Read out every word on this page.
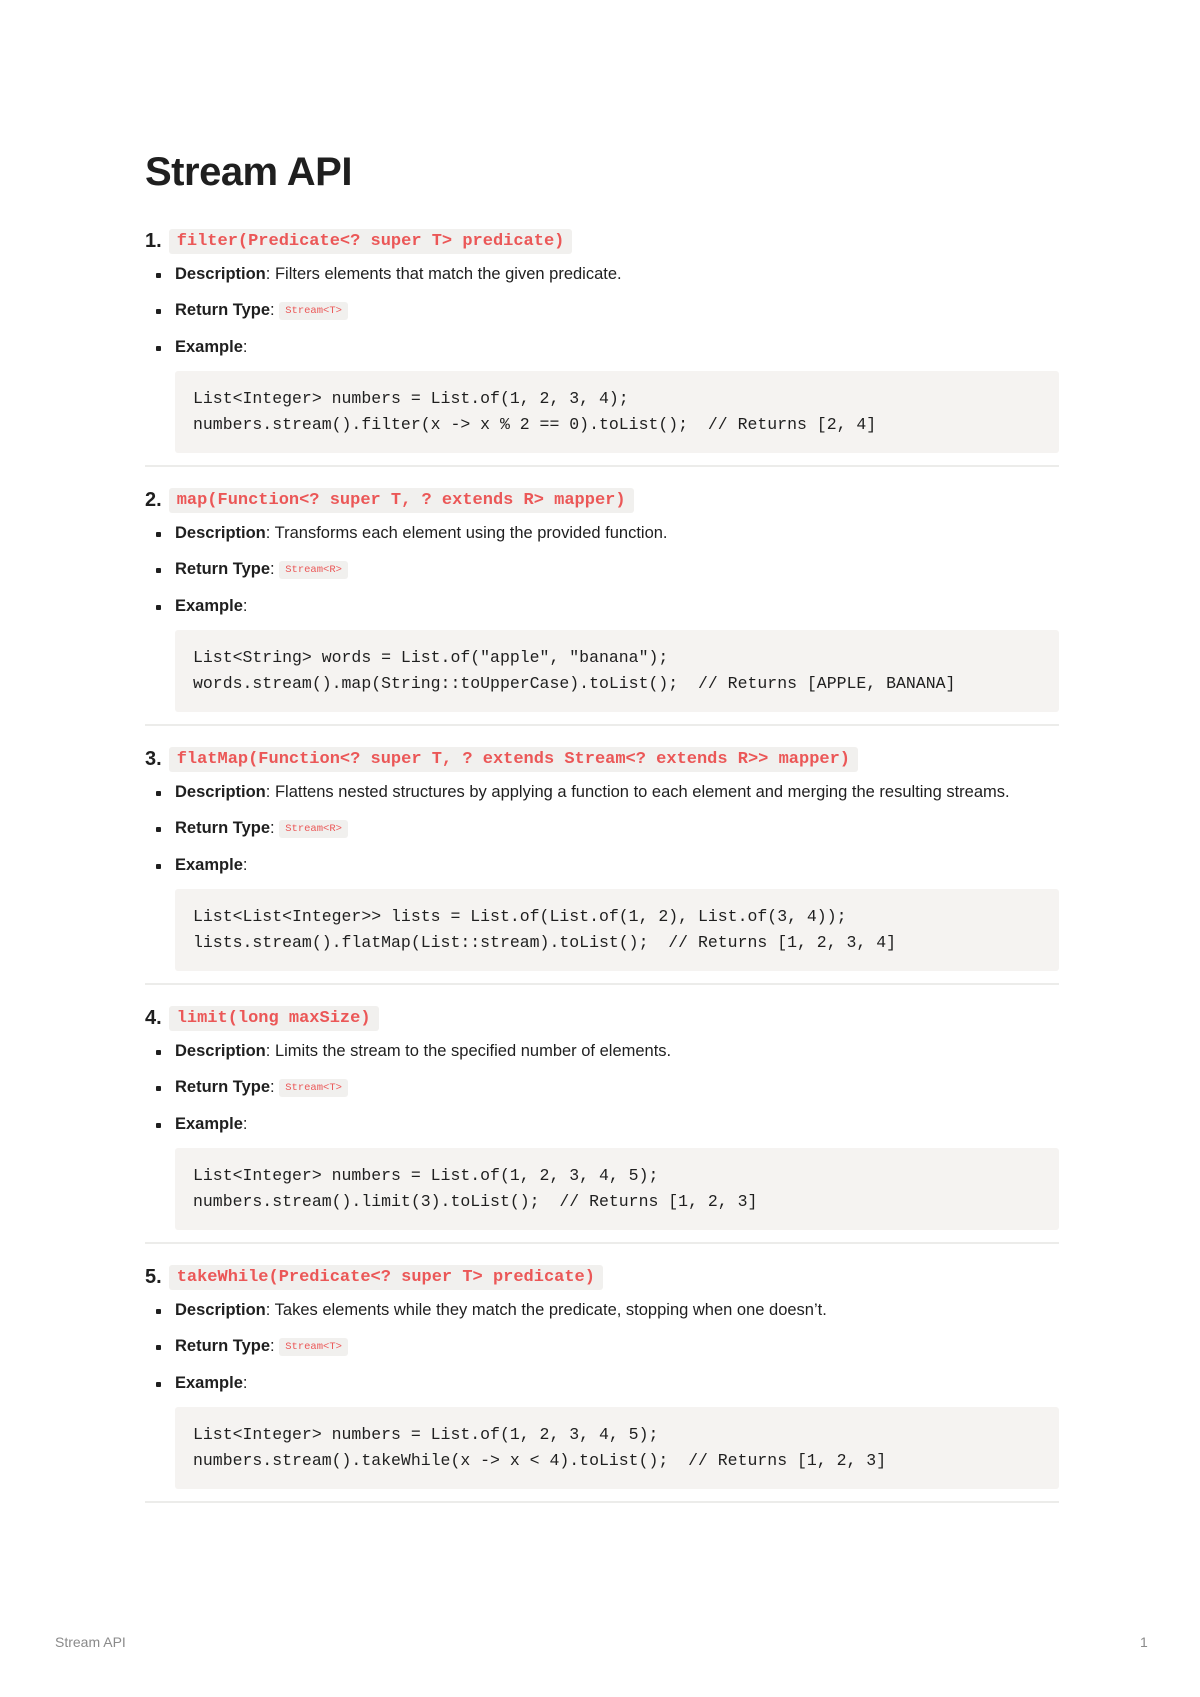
Stream API
1. filter(Predicate<? super T> predicate)
Description: Filters elements that match the given predicate.
Return Type: Stream<T>
Example:
List<Integer> numbers = List.of(1, 2, 3, 4);
numbers.stream().filter(x -> x % 2 == 0).toList();  // Returns [2, 4]
2. map(Function<? super T, ? extends R> mapper)
Description: Transforms each element using the provided function.
Return Type: Stream<R>
Example:
List<String> words = List.of("apple", "banana");
words.stream().map(String::toUpperCase).toList();  // Returns [APPLE, BANANA]
3. flatMap(Function<? super T, ? extends Stream<? extends R>> mapper)
Description: Flattens nested structures by applying a function to each element and merging the resulting streams.
Return Type: Stream<R>
Example:
List<List<Integer>> lists = List.of(List.of(1, 2), List.of(3, 4));
lists.stream().flatMap(List::stream).toList();  // Returns [1, 2, 3, 4]
4. limit(long maxSize)
Description: Limits the stream to the specified number of elements.
Return Type: Stream<T>
Example:
List<Integer> numbers = List.of(1, 2, 3, 4, 5);
numbers.stream().limit(3).toList();  // Returns [1, 2, 3]
5. takeWhile(Predicate<? super T> predicate)
Description: Takes elements while they match the predicate, stopping when one doesn’t.
Return Type: Stream<T>
Example:
List<Integer> numbers = List.of(1, 2, 3, 4, 5);
numbers.stream().takeWhile(x -> x < 4).toList();  // Returns [1, 2, 3]
Stream API	1
